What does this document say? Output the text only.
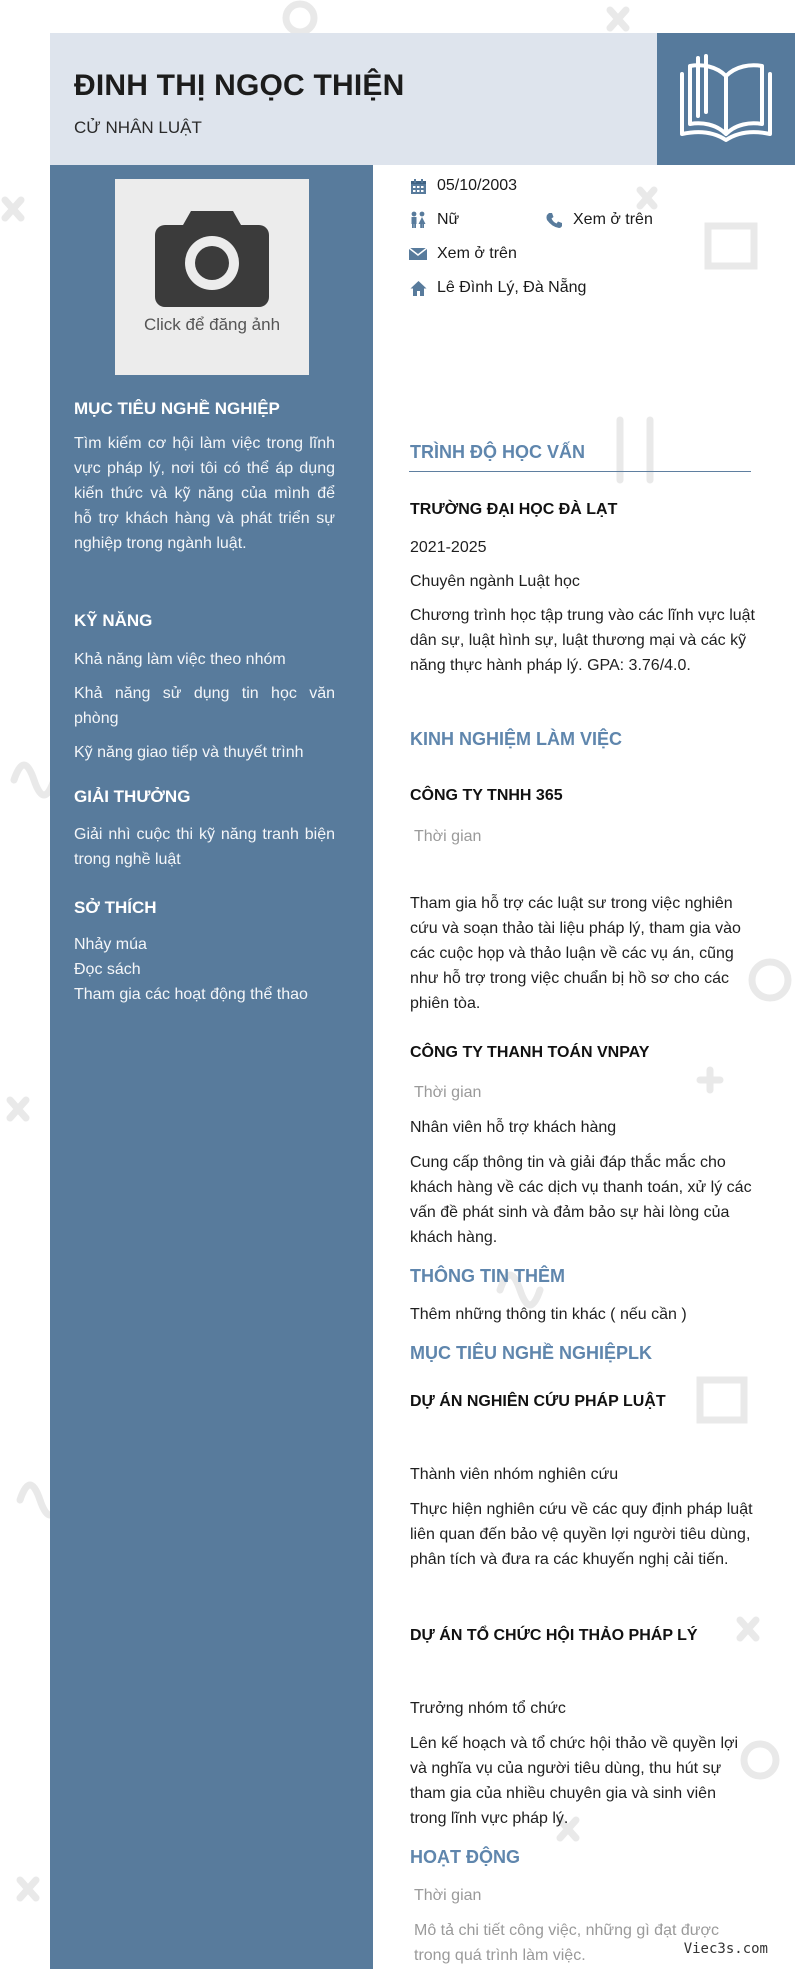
ĐINH THỊ NGỌC THIỆN
CỬ NHÂN LUẬT
Click để đăng ảnh
MỤC TIÊU NGHỀ NGHIỆP
Tìm kiếm cơ hội làm việc trong lĩnh vực pháp lý, nơi tôi có thể áp dụng kiến thức và kỹ năng của mình để hỗ trợ khách hàng và phát triển sự nghiệp trong ngành luật.
KỸ NĂNG
Khả năng làm việc theo nhóm
Khả năng sử dụng tin học văn phòng
Kỹ năng giao tiếp và thuyết trình
GIẢI THƯỞNG
Giải nhì cuộc thi kỹ năng tranh biện trong nghề luật
SỞ THÍCH
Nhảy múa
Đọc sách
Tham gia các hoạt động thể thao
05/10/2003
Nữ	Xem ở trên
Xem ở trên
Lê Đình Lý, Đà Nẵng
TRÌNH ĐỘ HỌC VẤN
TRƯỜNG ĐẠI HỌC ĐÀ LẠT
2021-2025
Chuyên ngành Luật học
Chương trình học tập trung vào các lĩnh vực luật dân sự, luật hình sự, luật thương mại và các kỹ năng thực hành pháp lý. GPA: 3.76/4.0.
KINH NGHIỆM LÀM VIỆC
CÔNG TY TNHH 365
Thời gian
Tham gia hỗ trợ các luật sư trong việc nghiên cứu và soạn thảo tài liệu pháp lý, tham gia vào các cuộc họp và thảo luận về các vụ án, cũng như hỗ trợ trong việc chuẩn bị hồ sơ cho các phiên tòa.
CÔNG TY THANH TOÁN VNPAY
Thời gian
Nhân viên hỗ trợ khách hàng
Cung cấp thông tin và giải đáp thắc mắc cho khách hàng về các dịch vụ thanh toán, xử lý các vấn đề phát sinh và đảm bảo sự hài lòng của khách hàng.
THÔNG TIN THÊM
Thêm những thông tin khác ( nếu cần )
MỤC TIÊU NGHỀ NGHIỆPLK
DỰ ÁN NGHIÊN CỨU PHÁP LUẬT
Thành viên nhóm nghiên cứu
Thực hiện nghiên cứu về các quy định pháp luật liên quan đến bảo vệ quyền lợi người tiêu dùng, phân tích và đưa ra các khuyến nghị cải tiến.
DỰ ÁN TỔ CHỨC HỘI THẢO PHÁP LÝ
Trưởng nhóm tổ chức
Lên kế hoạch và tổ chức hội thảo về quyền lợi và nghĩa vụ của người tiêu dùng, thu hút sự tham gia của nhiều chuyên gia và sinh viên trong lĩnh vực pháp lý.
HOẠT ĐỘNG
Thời gian
Mô tả chi tiết công việc, những gì đạt được trong quá trình làm việc.	Viec3s.com
